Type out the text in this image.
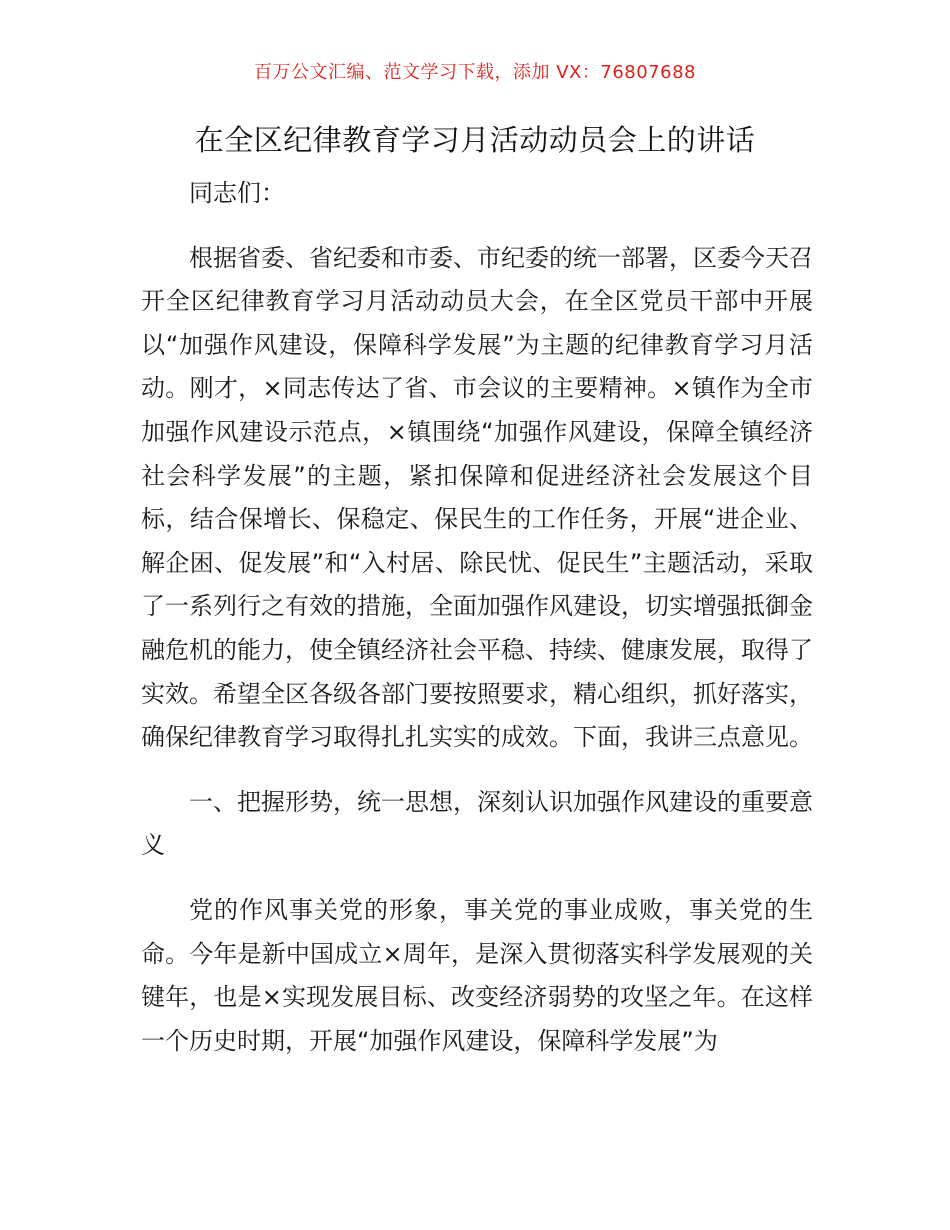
百万公文汇编、范文学习下载，添加 VX：76807688
在全区纪律教育学习月活动动员会上的讲话

同志们：

根据省委、省纪委和市委、市纪委的统一部署，区委今天召开全区纪律教育学习月活动动员大会，在全区党员干部中开展以“加强作风建设，保障科学发展”为主题的纪律教育学习月活动。刚才，×同志传达了省、市会议的主要精神。×镇作为全市加强作风建设示范点，×镇围绕“加强作风建设，保障全镇经济社会科学发展”的主题，紧扣保障和促进经济社会发展这个目标，结合保增长、保稳定、保民生的工作任务，开展“进企业、解企困、促发展”和“入村居、除民忧、促民生”主题活动，采取了一系列行之有效的措施，全面加强作风建设，切实增强抵御金融危机的能力，使全镇经济社会平稳、持续、健康发展，取得了实效。希望全区各级各部门要按照要求，精心组织，抓好落实，确保纪律教育学习取得扎扎实实的成效。下面，我讲三点意见。

一、把握形势，统一思想，深刻认识加强作风建设的重要意义

党的作风事关党的形象，事关党的事业成败，事关党的生命。今年是新中国成立×周年，是深入贯彻落实科学发展观的关键年，也是×实现发展目标、改变经济弱势的攻坚之年。在这样一个历史时期，开展“加强作风建设，保障科学发展”为
